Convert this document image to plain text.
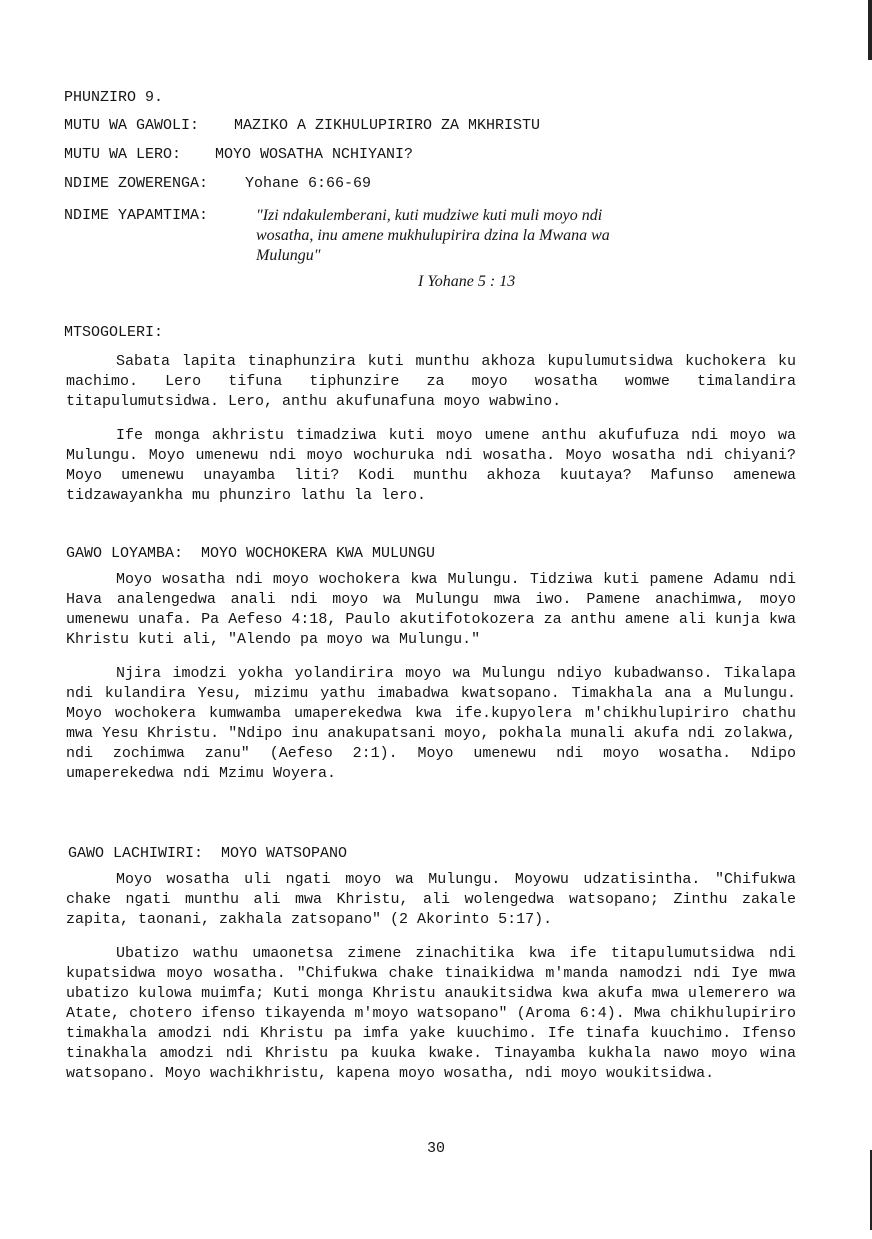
PHUNZIRO 9.
MUTU WA GAWOLI: MAZIKO A ZIKHULUPIRIRO ZA MKHRISTU
MUTU WA LERO: MOYO WOSATHA NCHIYANI?
NDIME ZOWERENGA: Yohane 6:66-69
NDIME YAPAMTIMA:	"Izi ndakulemberani, kuti mudziwe kuti muli moyo ndi
wosatha, inu amene mukhulupirira dzina la Mwana wa
Mulungu"
I Yohane 5 : 13
MTSOGOLERI:

Sabata lapita tinaphunzira kuti munthu akhoza kupulumutsidwa kuchokera ku machimo. Lero tifuna tiphunzire za moyo wosatha womwe timalandira titapulumutsidwa. Lero, anthu akufunafuna moyo wabwino.

Ife monga akhristu timadziwa kuti moyo umene anthu akufufuza ndi moyo wa Mulungu. Moyo umenewu ndi moyo wochuruka ndi wosatha. Moyo wosatha ndi chiyani? Moyo umenewu unayamba liti? Kodi munthu akhoza kuutaya? Mafunso amenewa tidzawayankha mu phunziro lathu la lero.

GAWO LOYAMBA:  MOYO WOCHOKERA KWA MULUNGU

Moyo wosatha ndi moyo wochokera kwa Mulungu. Tidziwa kuti pamene Adamu ndi Hava analengedwa anali ndi moyo wa Mulungu mwa iwo. Pamene anachimwa, moyo umenewu unafa. Pa Aefeso 4:18, Paulo akutifotokozera za anthu amene ali kunja kwa Khristu kuti ali, "Alendo pa moyo wa Mulungu."

Njira imodzi yokha yolandirira moyo wa Mulungu ndiyo kubadwanso. Tikalapa ndi kulandira Yesu, mizimu yathu imabadwa kwatsopano. Timakhala ana a Mulungu. Moyo wochokera kumwamba umaperekedwa kwa ife.kupyolera m'chikhulupiriro chathu mwa Yesu Khristu. "Ndipo inu anakupatsani moyo, pokhala munali akufa ndi zolakwa, ndi zochimwa zanu" (Aefeso 2:1). Moyo umenewu ndi moyo wosatha. Ndipo umaperekedwa ndi Mzimu Woyera.

GAWO LACHIWIRI:  MOYO WATSOPANO

Moyo wosatha uli ngati moyo wa Mulungu. Moyowu udzatisintha. "Chifukwa chake ngati munthu ali mwa Khristu, ali wolengedwa watsopano; Zinthu zakale zapita, taonani, zakhala zatsopano" (2 Akorinto 5:17).

Ubatizo wathu umaonetsa zimene zinachitika kwa ife titapulumutsidwa ndi kupatsidwa moyo wosatha. "Chifukwa chake tinaikidwa m'manda namodzi ndi Iye mwa ubatizo kulowa muimfa; Kuti monga Khristu anaukitsidwa kwa akufa mwa ulemerero wa Atate, chotero ifenso tikayenda m'moyo watsopano" (Aroma 6:4). Mwa chikhulupiriro timakhala amodzi ndi Khristu pa imfa yake kuuchimo. Ife tinafa kuuchimo. Ifenso tinakhala amodzi ndi Khristu pa kuuka kwake. Tinayamba kukhala nawo moyo wina watsopano. Moyo wachikhristu, kapena moyo wosatha, ndi moyo woukitsidwa.

30
